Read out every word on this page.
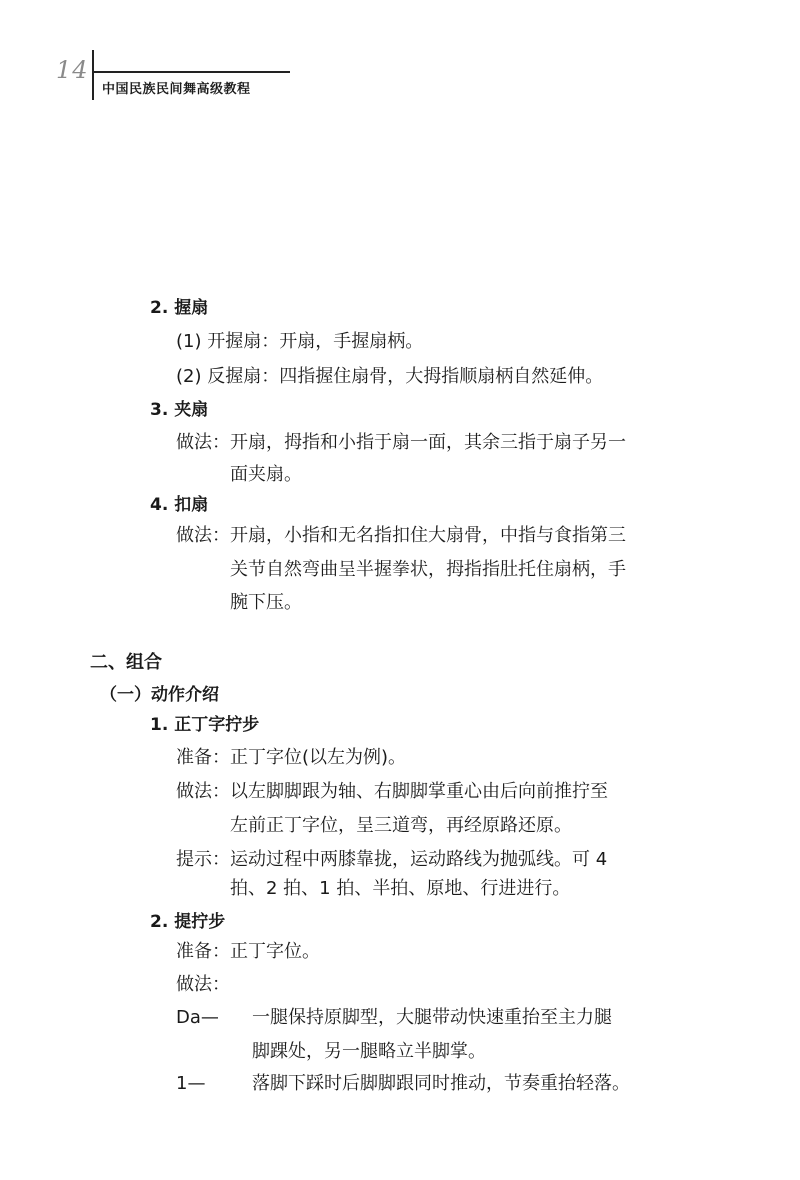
14
中国民族民间舞高级教程
2. 握扇
(1) 开握扇：开扇，手握扇柄。
(2) 反握扇：四指握住扇骨，大拇指顺扇柄自然延伸。
3. 夹扇
做法：开扇，拇指和小指于扇一面，其余三指于扇子另一
面夹扇。
4. 扣扇
做法：开扇，小指和无名指扣住大扇骨，中指与食指第三
关节自然弯曲呈半握拳状，拇指指肚托住扇柄，手
腕下压。
二、组合
（一）动作介绍
1. 正丁字拧步
准备：正丁字位(以左为例)。
做法：以左脚脚跟为轴、右脚脚掌重心由后向前推拧至
左前正丁字位，呈三道弯，再经原路还原。
提示：运动过程中两膝靠拢，运动路线为抛弧线。可 4
拍、2 拍、1 拍、半拍、原地、行进进行。
2. 提拧步
准备：正丁字位。
做法：
Da— 一腿保持原脚型，大腿带动快速重抬至主力腿
脚踝处，另一腿略立半脚掌。
1—	落脚下踩时后脚脚跟同时推动，节奏重抬轻落。
